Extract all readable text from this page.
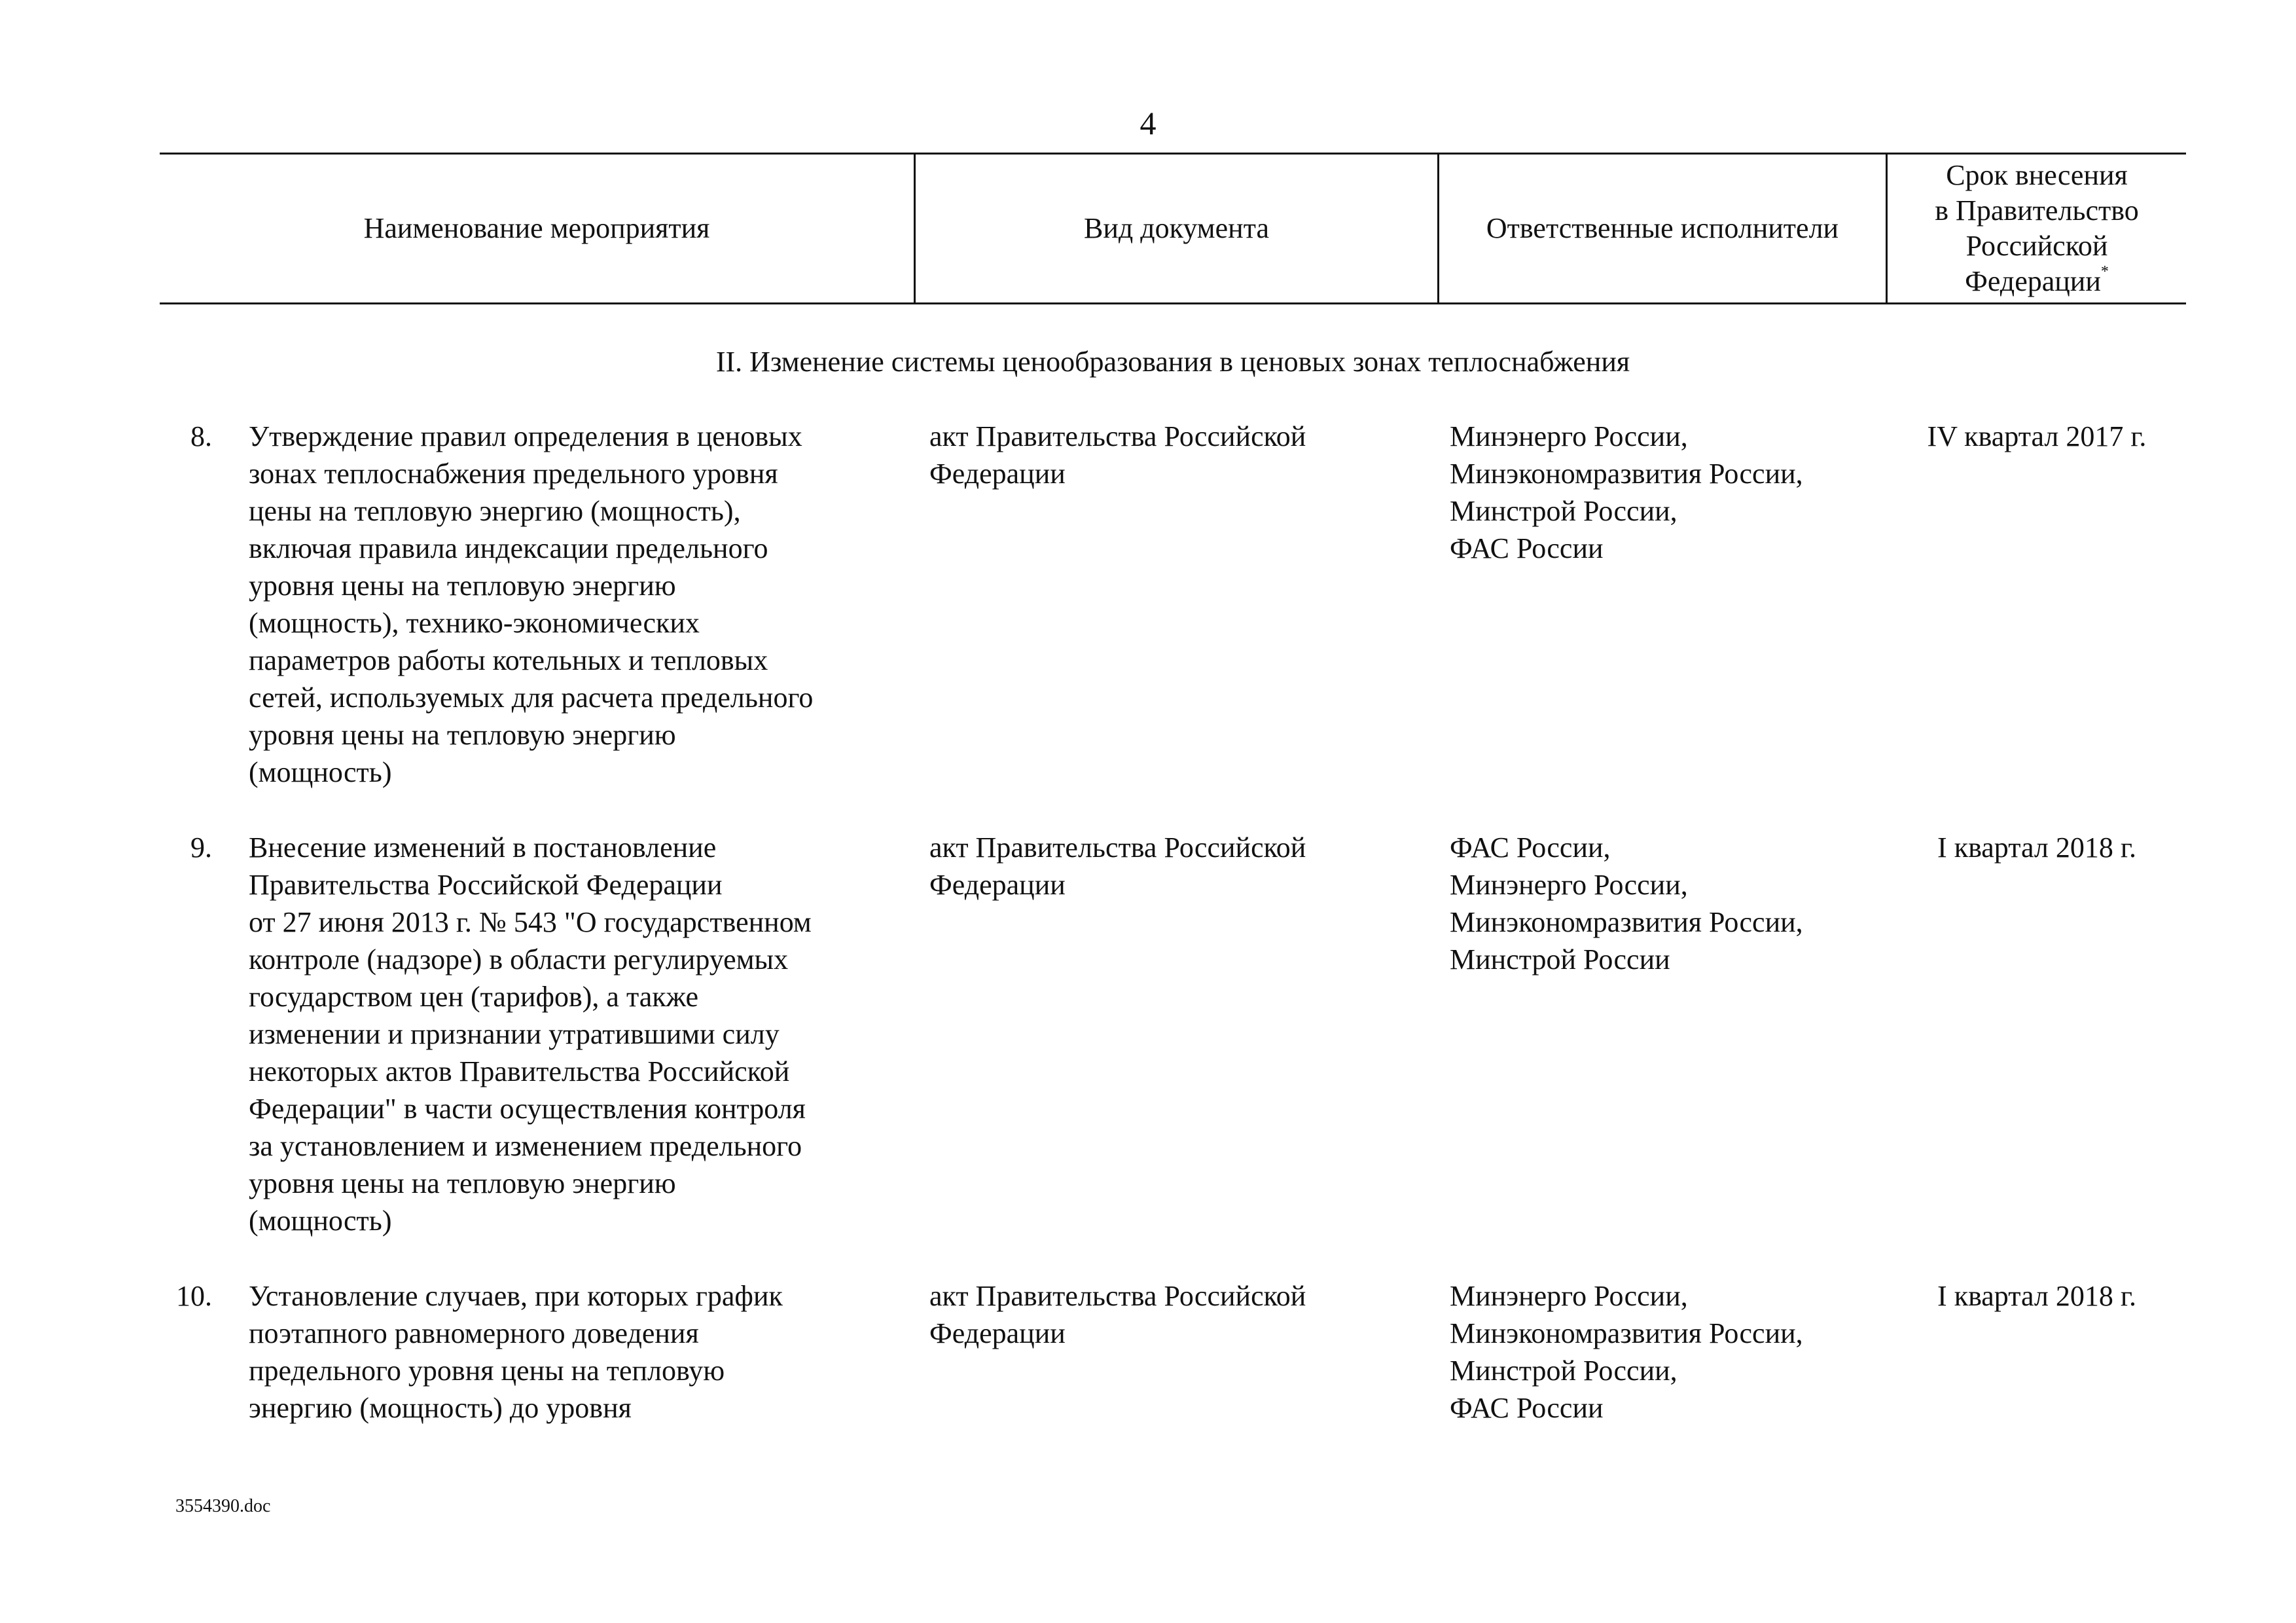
4
Наименование мероприятия	Вид документа	Ответственные исполнители
Срок внесения
в Правительство
Российской
Федерации*
II. Изменение системы ценообразования в ценовых зонах теплоснабжения
8. Утверждение правил определения в ценовых
зонах теплоснабжения предельного уровня
цены на тепловую энергию (мощность),
включая правила индексации предельного
уровня цены на тепловую энергию
(мощность), технико-экономических
параметров работы котельных и тепловых
сетей, используемых для расчета предельного
уровня цены на тепловую энергию
(мощность)
акт Правительства Российской
Федерации
Минэнерго России,
Минэкономразвития России,
Минстрой России,
ФАС России
IV квартал 2017 г.
9. Внесение изменений в постановление
Правительства Российской Федерации
от 27 июня 2013 г. № 543 "О государственном
контроле (надзоре) в области регулируемых
государством цен (тарифов), а также
изменении и признании утратившими силу
некоторых актов Правительства Российской
Федерации" в части осуществления контроля
за установлением и изменением предельного
уровня цены на тепловую энергию
(мощность)
акт Правительства Российской
Федерации
ФАС России,
Минэнерго России,
Минэкономразвития России,
Минстрой России
I квартал 2018 г.
10. Установление случаев, при которых график
поэтапного равномерного доведения
предельного уровня цены на тепловую
энергию (мощность) до уровня
акт Правительства Российской
Федерации
Минэнерго России,
Минэкономразвития России,
Минстрой России,
ФАС России
I квартал 2018 г.
3554390.doc
